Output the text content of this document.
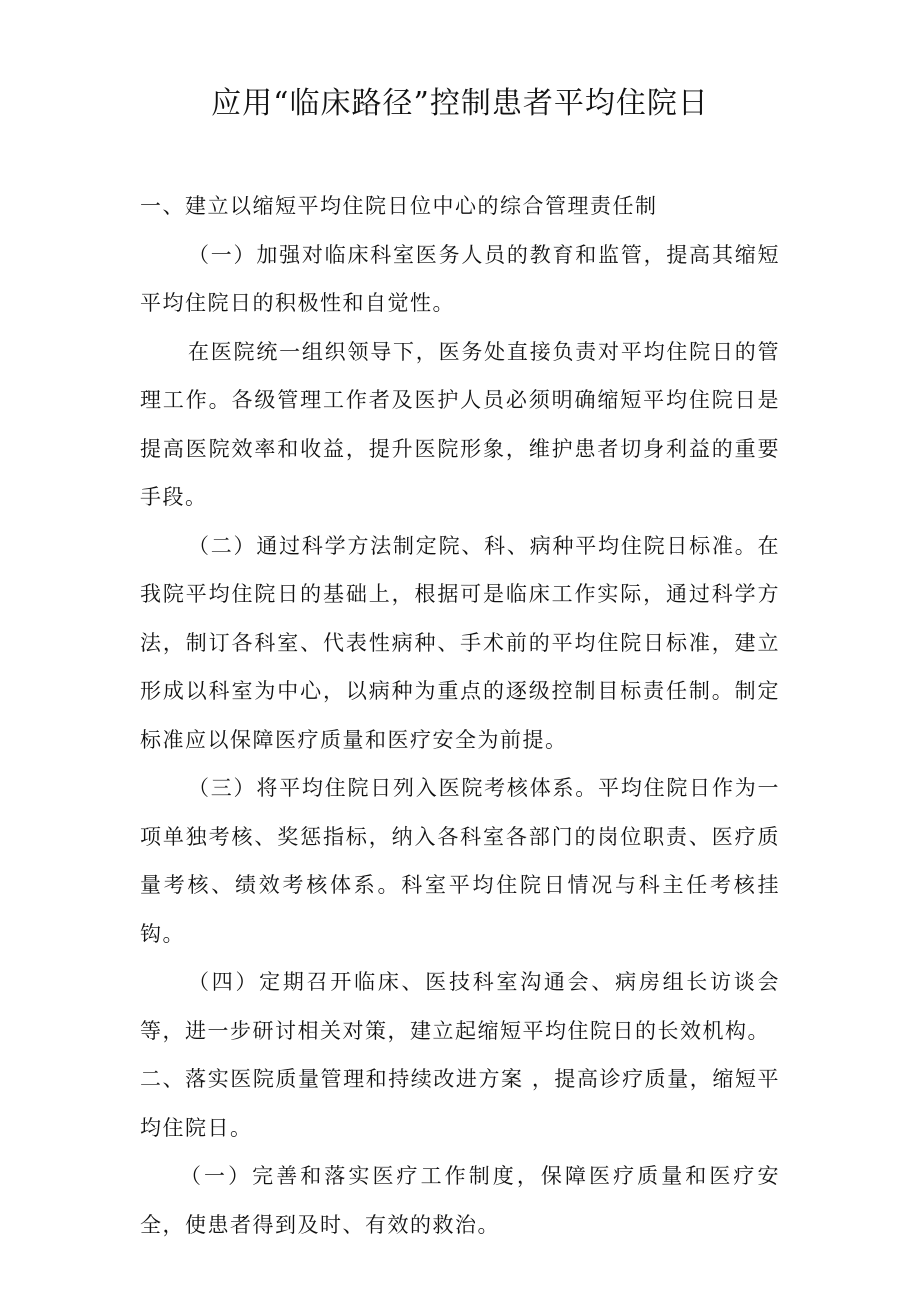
应用“临床路径”控制患者平均住院日

一、建立以缩短平均住院日位中心的综合管理责任制

（一）加强对临床科室医务人员的教育和监管，提高其缩短平均住院日的积极性和自觉性。

在医院统一组织领导下，医务处直接负责对平均住院日的管理工作。各级管理工作者及医护人员必须明确缩短平均住院日是提高医院效率和收益，提升医院形象，维护患者切身利益的重要手段。

（二）通过科学方法制定院、科、病种平均住院日标准。在我院平均住院日的基础上，根据可是临床工作实际，通过科学方法，制订各科室、代表性病种、手术前的平均住院日标准，建立形成以科室为中心，以病种为重点的逐级控制目标责任制。制定标准应以保障医疗质量和医疗安全为前提。

（三）将平均住院日列入医院考核体系。平均住院日作为一项单独考核、奖惩指标，纳入各科室各部门的岗位职责、医疗质量考核、绩效考核体系。科室平均住院日情况与科主任考核挂钩。

（四）定期召开临床、医技科室沟通会、病房组长访谈会等，进一步研讨相关对策，建立起缩短平均住院日的长效机构。

二、落实医院质量管理和持续改进方案 ，提高诊疗质量，缩短平均住院日。

（一）完善和落实医疗工作制度，保障医疗质量和医疗安全，使患者得到及时、有效的救治。
